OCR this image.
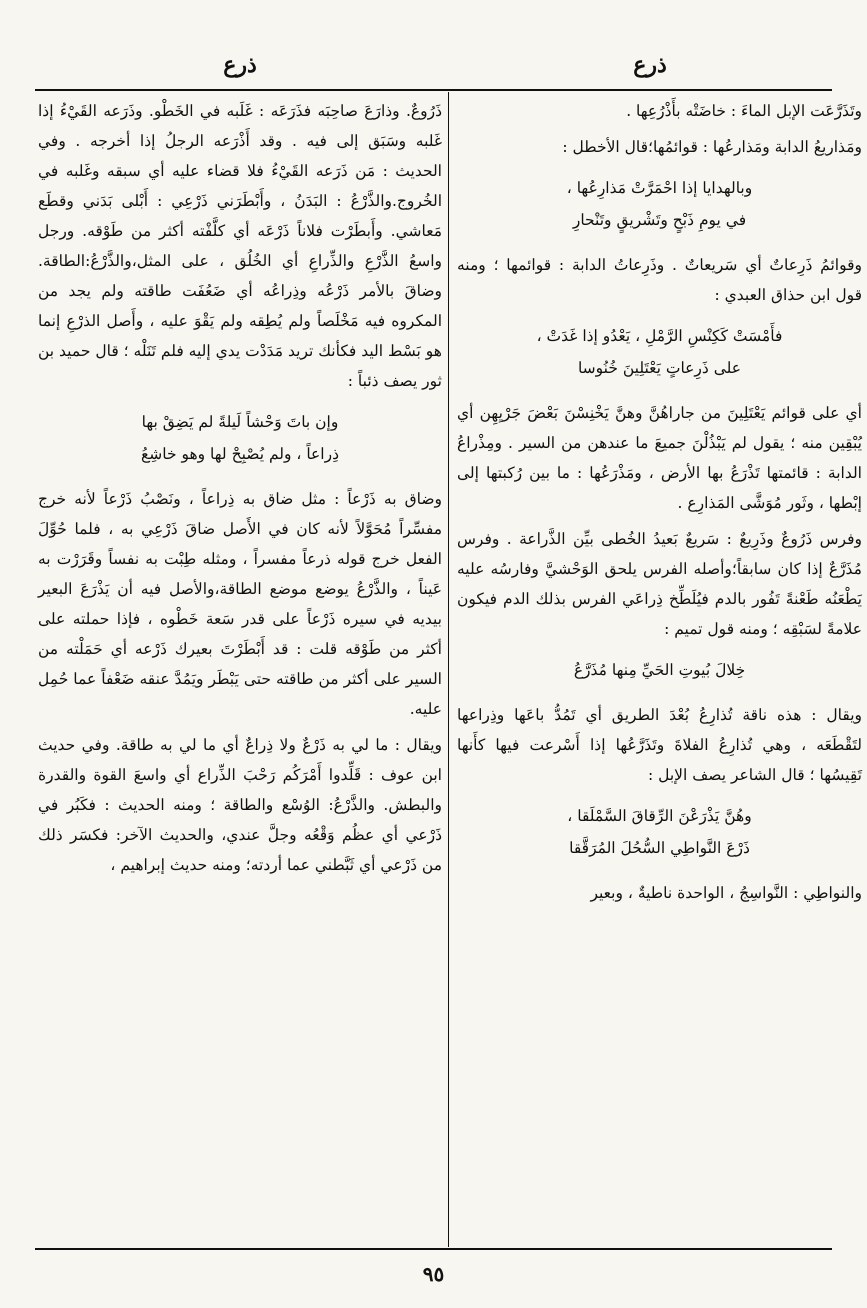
ذرع	ذرع

وتَذَرَّعَت الإبل الماءَ : خاضَتْه بأَذْرُعِها .

ومَذاريعُ الدابة ومَذارعُها : قوائمُها؛قال الأخطل :

وبالهدايا إذا احْمَرَّتْ مَذارِعُها ،
في يومِ ذَبْحٍ وتَشْريقٍ وتَنْحارِ

وقوائمُ ذَرِعاتٌ أي سَريعاتٌ . وذَرِعاتُ الدابة : قوائمها ؛ ومنه قول ابن حذاق العبدي :

فأَمْسَتْ كَكِنْسِ الرَّمْلِ ، يَعْدُو إذا غَدَتْ ،
على ذَرِعاتٍ يَعْتَلِينَ خُنُوسا

أي على قوائم يَعْتَلِينَ من جاراهُنَّ وهنَّ يَخْنِسْنَ بَعْضَ جَرْيِهِن أي يُبْقِين منه ؛ يقول لم يَبْذُلْنَ جميعَ ما عندهن من السير . ومِذْراعُ الدابة : قائمتها تَذْرَعُ بها الأرض ، ومَذْرَعُها : ما بين رُكبتها إلى إبْطها ، وثَور مُوَشَّى المَذارِع .

وفرس ذَرُوعٌ وذَرِيعٌ : سَريعٌ بَعيدُ الخُطى بيِّن الذَّراعة . وفرس مُذَرَّعٌ إذا كان سابقاً؛وأصله الفرس يلحق الوَحْشيَّ وفارسُه عليه يَطْعَنُه طَعْنةً تَفُور بالدم فيُلَطِّخ ذِراعَي الفرس بذلك الدم فيكون علامةً لسَبْقِه ؛ ومنه قول تميم :

خِلالَ بُيوتِ الحَيِّ مِنها مُذَرَّعُ

ويقال : هذه ناقة تُذارِعُ بُعْدَ الطريق أي تَمُدُّ باعَها وذِراعها لتَقْطَعَه ، وهي تُذارِعُ الفلاةَ وتَذَرَّعُها إذا أَسْرعت فيها كأَنها تَقِيسُها ؛ قال الشاعر يصف الإبل :

وهُنَّ يَذْرَعْنَ الرِّقاقَ السَّمْلَقا ،
ذَرْعَ النَّواطِي السُّحُلَ المُرَقَّقا

والنواطِي : النَّواسِجُ ، الواحدة ناطيةٌ ، وبعير

ذَرُوعٌ. وذارَعَ صاحِبَه فذَرَعَه : غَلَبه في الخَطْو. وذَرَعه القَيْءُ إذا غَلبه وسَبَق إلى فيه . وقد أَذْرَعه الرجلُ إذا أخرجه . وفي الحديث : مَن ذَرَعه القَيْءُ فلا قضاء عليه أي سبقه وغَلبه في الخُروج.والذَّرْعُ : البَدَنُ ، وأَبْطَرَني ذَرْعِي : أَبْلى بَدَني وقطَع مَعاشي. وأَبطَرْت فلاناً ذَرْعَه أي كلَّفْته أكثر من طَوْقه. ورجل واسعُ الذَّرْعِ والذِّراعِ أي الخُلُق ، على المثل،والذَّرْعُ:الطاقة. وضاقَ بالأمر ذَرْعُه وذِراعُه أي ضَعُفَت طاقته ولم يجد من المكروه فيه مَخْلَصاً ولم يُطِقه ولم يَقْوَ عليه ، وأَصل الذرْعِ إنما هو بَسْط اليد فكأنك تريد مَدَدْت يدي إليه فلم تَنَلْه ؛ قال حميد بن ثور يصف ذئباً :

وإن باتَ وَحْشاً لَيلةً لم يَضِقْ بها
ذِراعاً ، ولم يُصْبِحْ لها وهو خاشِعُ

وضاق به ذَرْعاً : مثل ضاق به ذِراعاً ، ونَصْبُ ذَرْعاً لأنه خرج مفسِّراً مُحَوَّلاً لأنه كان في الأَصل ضاقَ ذَرْعِي به ، فلما حُوِّلَ الفعل خرج قوله ذرعاً مفسراً ، ومثله طِبْت به نفساً وقَرَرْت به عَيناً ، والذَّرْعُ يوضع موضع الطاقة،والأصل فيه أن يَذْرَعَ البعير بيديه في سيره ذَرْعاً على قدر سَعة خَطْوه ، فإذا حملته على أكثر من طَوْقه قلت : قد أَبْطَرْتَ بعيرك ذَرْعه أي حَمَلْته من السير على أكثر من طاقته حتى يَبْطَر ويَمُدَّ عنقه ضَعْفاً عما حُمِل عليه.

ويقال : ما لي به ذَرْعٌ ولا ذِراعٌ أي ما لي به طاقة. وفي حديث ابن عوف : قَلِّدوا أَمْرَكُم رَحْبَ الذِّراع أي واسعَ القوة والقدرة والبطش. والذَّرْعُ: الوُسْع والطاقة ؛ ومنه الحديث : فكَبُر في ذَرْعي أي عظُم وَقْعُه وجلَّ عندي، والحديث الآخر: فكسَر ذلك من ذَرْعي أي ثَبَّطني عما أردته؛ ومنه حديث إبراهيم ،

٩٥
